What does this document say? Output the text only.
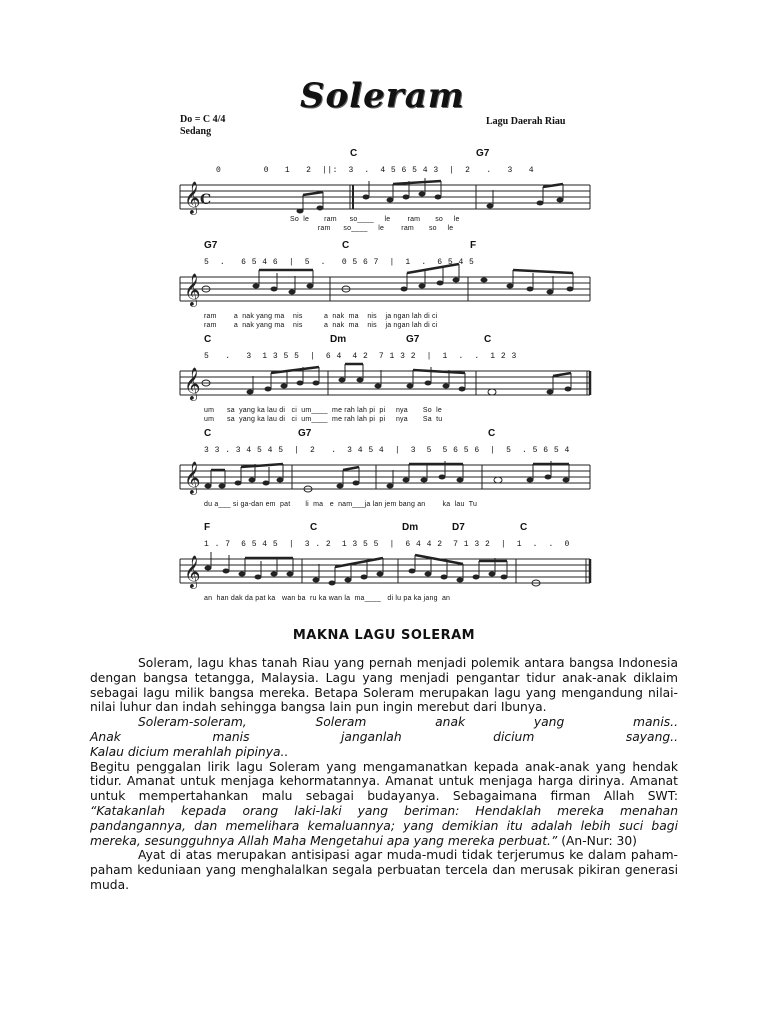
Do = C 4/4
Sedang
Lagu Daerah Riau
C	G7
0        0   1   2  ||:  3  .  4 5 6 5 4 3  |  2   .   3   4
𝄞 C
So  le       ram      so____     le        ram       so     le
ram      so____     le        ram       so     le
G7	C	F
5  .   6 5 4 6  |  5  .   0 5 6 7  |  1  .  6 5 4 5
𝄞
ram        a  nak yang ma    nis          a  nak  ma    nis    ja ngan lah di ci
ram        a  nak yang ma    nis          a  nak  ma    nis    ja ngan lah di ci
C	Dm	G7	C
5   .   3  1 3 5 5  |  6 4  4 2  7 1 3 2  |  1  .  .  1 2 3
𝄞
um      sa  yang ka lau di   ci  um____  me rah lah pi  pi     nya       So  le
um      sa  yang ka lau di   ci  um____  me rah lah pi  pi     nya       Sa  tu
C	G7	C
3 3 . 3 4 5 4 5  |  2   .  3 4 5 4  |  3  5  5 6 5 6  |  5  . 5 6 5 4
𝄞
du a___ si ga-dan em  pat       li  ma   e  nam___ja lan jem bang an        ka  lau  Tu
F	C	Dm	D7	C
1 . 7  6 5 4 5  |  3 . 2  1 3 5 5  |  6 4 4 2  7 1 3 2  |  1  .  .  0
𝄞
an  han dak da pat ka   wan ba  ru ka wan la  ma____   di lu pa ka jang  an
Soleram
MAKNA LAGU SOLERAM

Soleram, lagu khas tanah Riau yang pernah menjadi polemik antara bangsa Indonesia dengan bangsa tetangga, Malaysia. Lagu yang menjadi pengantar tidur anak-anak diklaim sebagai lagu milik bangsa mereka. Betapa Soleram merupakan lagu yang mengandung nilai-nilai luhur dan indah sehingga bangsa lain pun ingin merebut dari Ibunya.

Soleram-soleram, Soleram anak yang manis..

Anak manis janganlah dicium sayang..

Kalau dicium merahlah pipinya..

Begitu penggalan lirik lagu Soleram yang mengamanatkan kepada anak-anak yang hendak tidur. Amanat untuk menjaga kehormatannya. Amanat untuk menjaga harga dirinya. Amanat untuk mempertahankan malu sebagai budayanya. Sebagaimana firman Allah SWT: “Katakanlah kepada orang laki-laki yang beriman: Hendaklah mereka menahan pandangannya, dan memelihara kemaluannya; yang demikian itu adalah lebih suci bagi mereka, sesungguhnya Allah Maha Mengetahui apa yang mereka perbuat.” (An-Nur: 30)

Ayat di atas merupakan antisipasi agar muda-mudi tidak terjerumus ke dalam paham-paham keduniaan yang menghalalkan segala perbuatan tercela dan merusak pikiran generasi muda.
